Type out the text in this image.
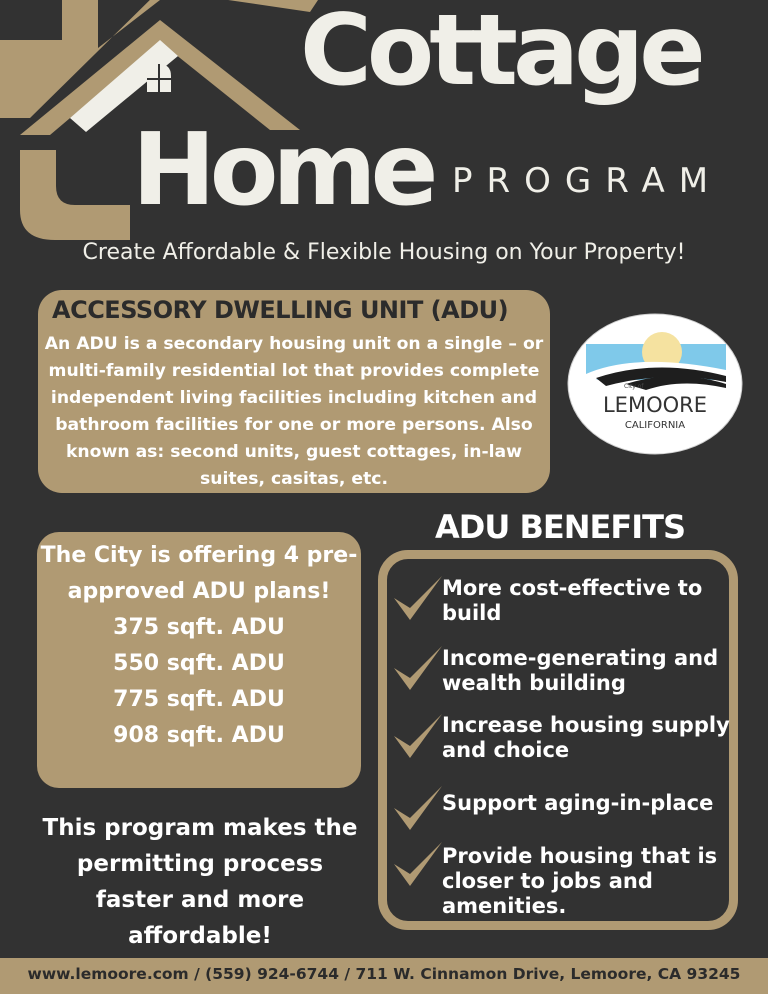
Cottage
Home PROGRAM
Create Affordable & Flexible Housing on Your Property!
ACCESSORY DWELLING UNIT (ADU)
An ADU is a secondary housing unit on a single – or multi-family residential lot that provides complete independent living facilities including kitchen and bathroom facilities for one or more persons. Also known as: second units, guest cottages, in-law suites, casitas, etc.
City of
LEMOORE
CALIFORNIA
The City is offering 4 pre-approved ADU plans!
375 sqft. ADU
550 sqft. ADU
775 sqft. ADU
908 sqft. ADU
This program makes the permitting process faster and more affordable!
ADU BENEFITS
More cost-effective to build
Income-generating and wealth building
Increase housing supply and choice
Support aging-in-place
Provide housing that is closer to jobs and amenities.
www.lemoore.com / (559) 924-6744 / 711 W. Cinnamon Drive, Lemoore, CA 93245
